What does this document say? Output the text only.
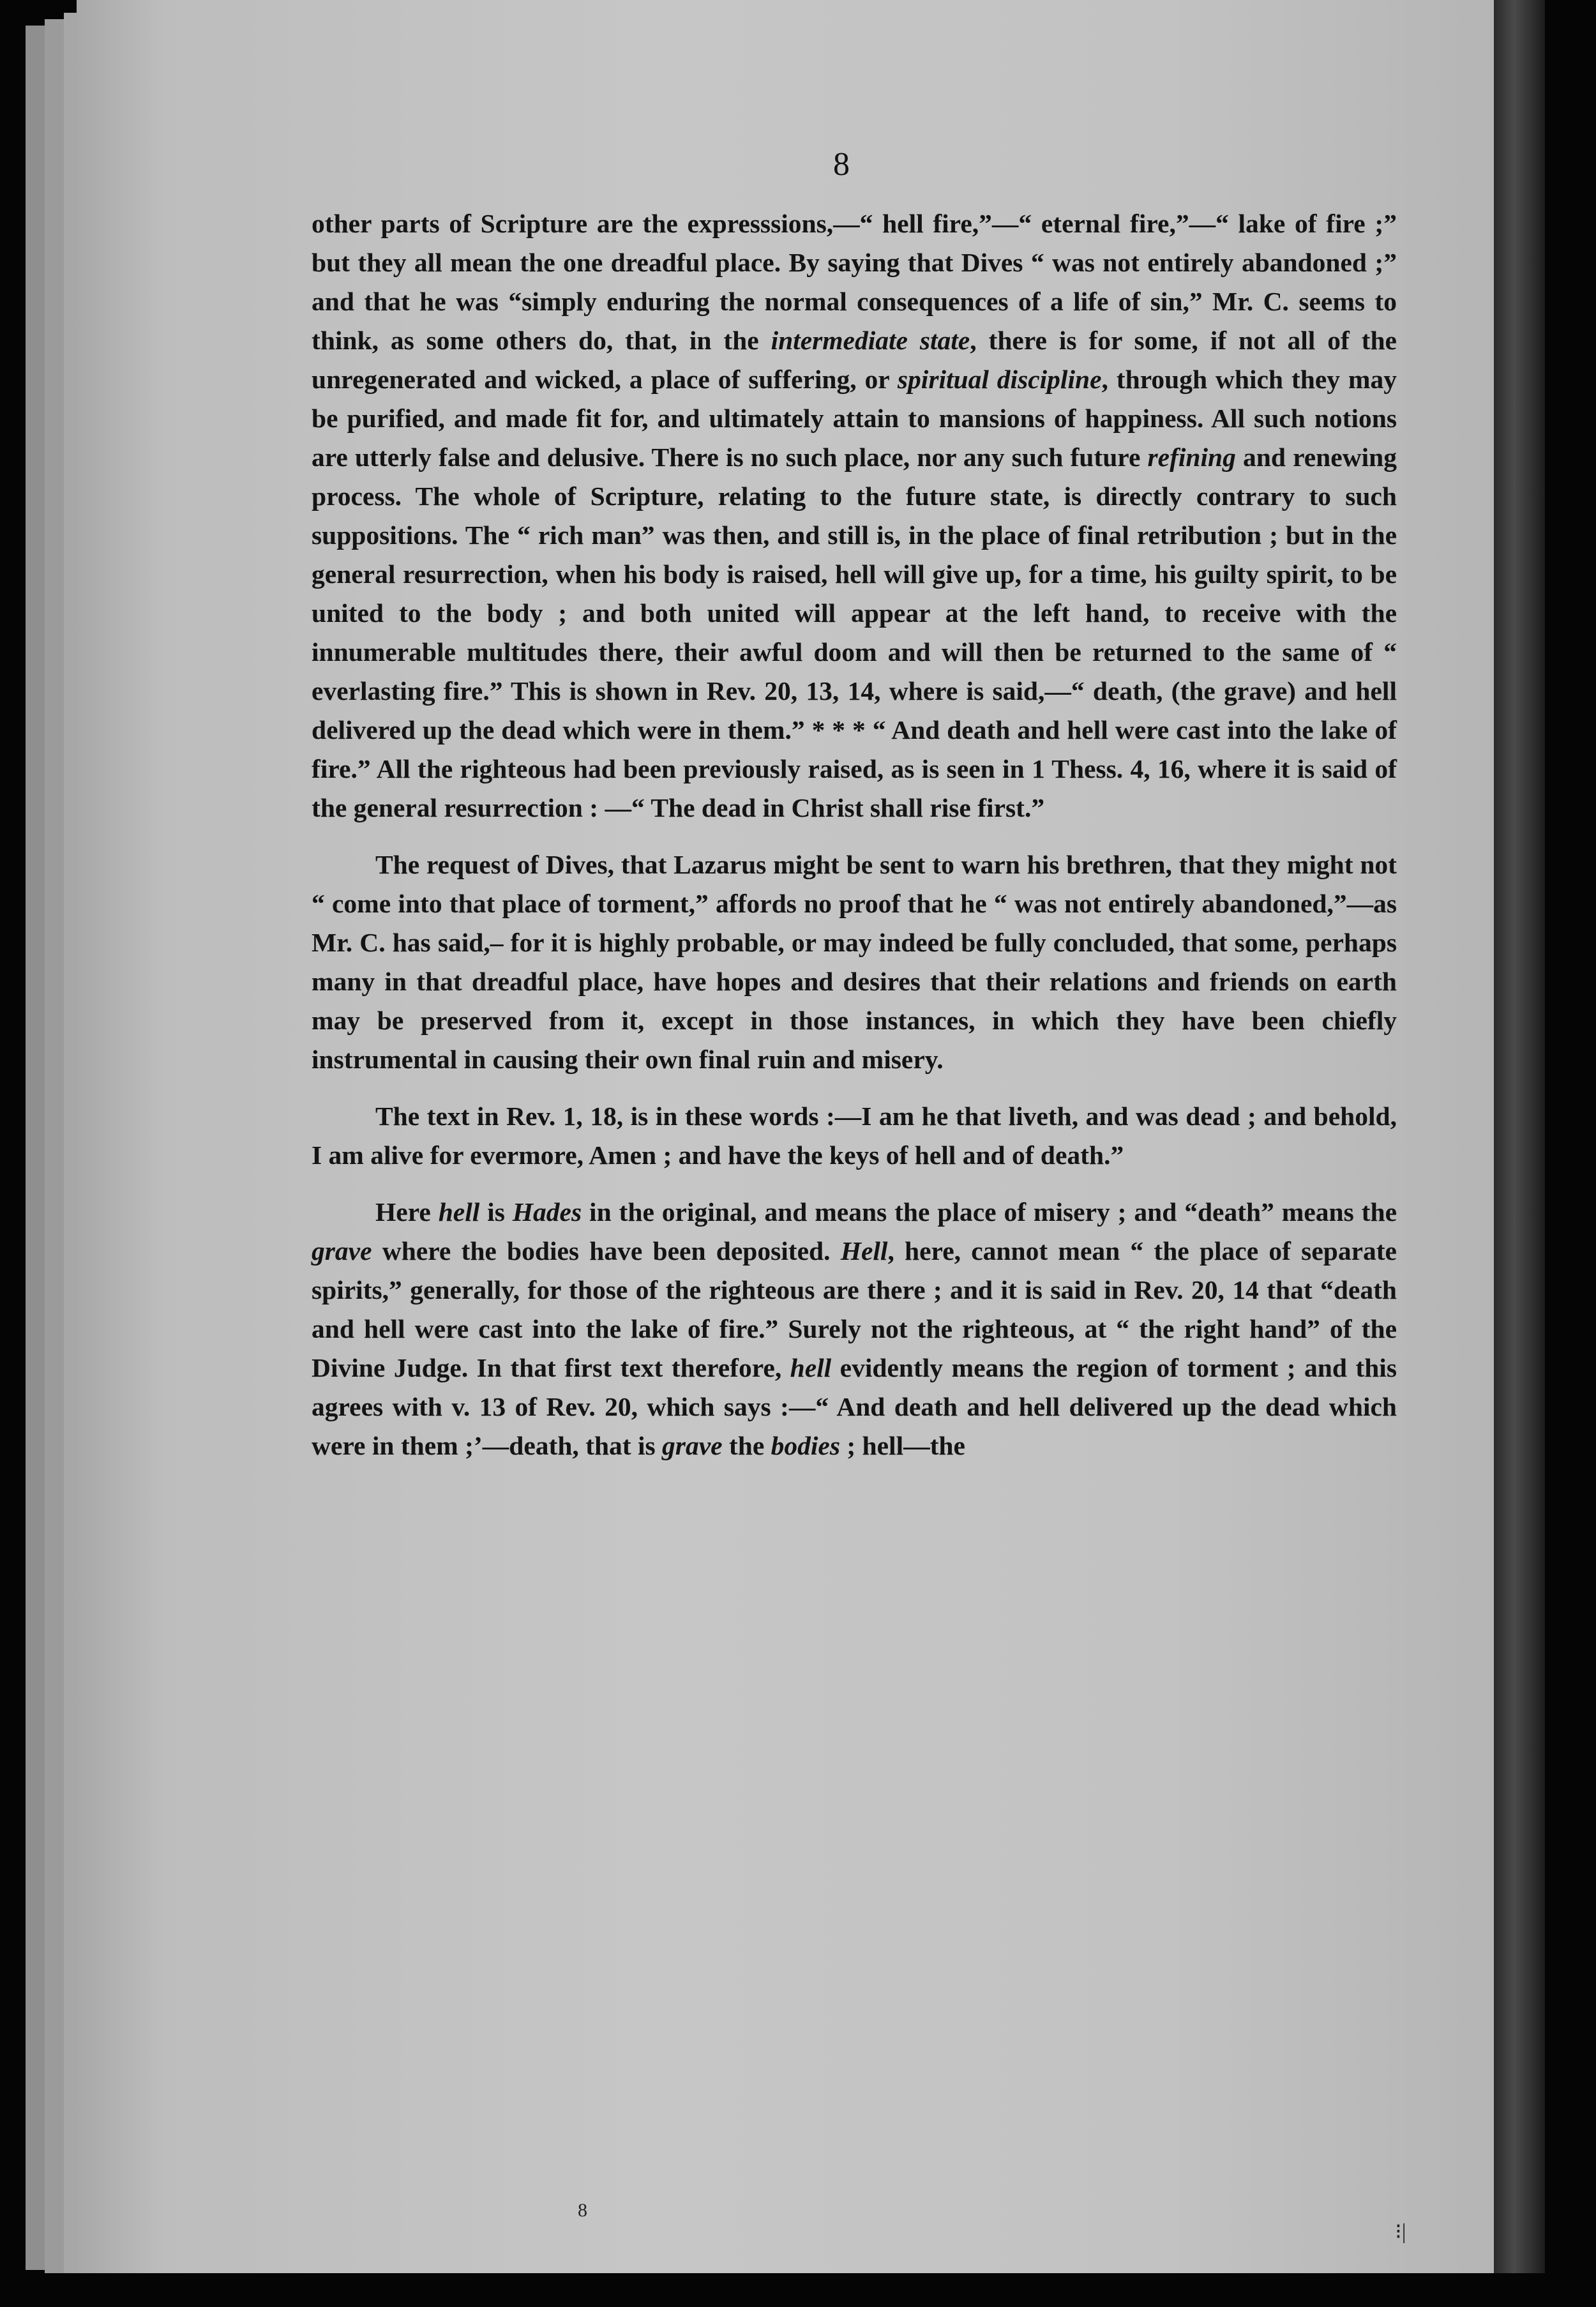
8

other parts of Scripture are the expresssions,—“ hell fire,”—“ eternal fire,”—“ lake of fire ;” but they all mean the one dreadful place. By saying that Dives “ was not entirely abandoned ;” and that he was “simply enduring the normal consequences of a life of sin,” Mr. C. seems to think, as some others do, that, in the intermediate state, there is for some, if not all of the unregenerated and wicked, a place of suffering, or spiritual discipline, through which they may be purified, and made fit for, and ultimately attain to mansions of happiness. All such notions are utterly false and delusive. There is no such place, nor any such future refining and renewing process. The whole of Scripture, relating to the future state, is directly contrary to such suppositions. The “ rich man” was then, and still is, in the place of final retribution ; but in the general resurrection, when his body is raised, hell will give up, for a time, his guilty spirit, to be united to the body ; and both united will appear at the left hand, to receive with the innumerable multitudes there, their awful doom and will then be returned to the same of “ everlasting fire.” This is shown in Rev. 20, 13, 14, where is said,—“ death, (the grave) and hell delivered up the dead which were in them.” * * * “ And death and hell were cast into the lake of fire.” All the righteous had been previously raised, as is seen in 1 Thess. 4, 16, where it is said of the general resurrection : —“ The dead in Christ shall rise first.”

The request of Dives, that Lazarus might be sent to warn his brethren, that they might not “ come into that place of torment,” affords no proof that he “ was not entirely abandoned,”—as Mr. C. has said,– for it is highly probable, or may indeed be fully concluded, that some, perhaps many in that dreadful place, have hopes and desires that their relations and friends on earth may be preserved from it, except in those instances, in which they have been chiefly instrumental in causing their own final ruin and misery.

The text in Rev. 1, 18, is in these words :—I am he that liveth, and was dead ; and behold, I am alive for evermore, Amen ; and have the keys of hell and of death.”

Here hell is Hades in the original, and means the place of misery ; and “death” means the grave where the bodies have been deposited. Hell, here, cannot mean “ the place of separate spirits,” generally, for those of the righteous are there ; and it is said in Rev. 20, 14 that “death and hell were cast into the lake of fire.” Surely not the righteous, at “ the right hand” of the Divine Judge. In that first text therefore, hell evidently means the region of torment ; and this agrees with v. 13 of Rev. 20, which says :—“ And death and hell delivered up the dead which were in them ;’—death, that is grave the bodies ; hell—the

8
⁝|
